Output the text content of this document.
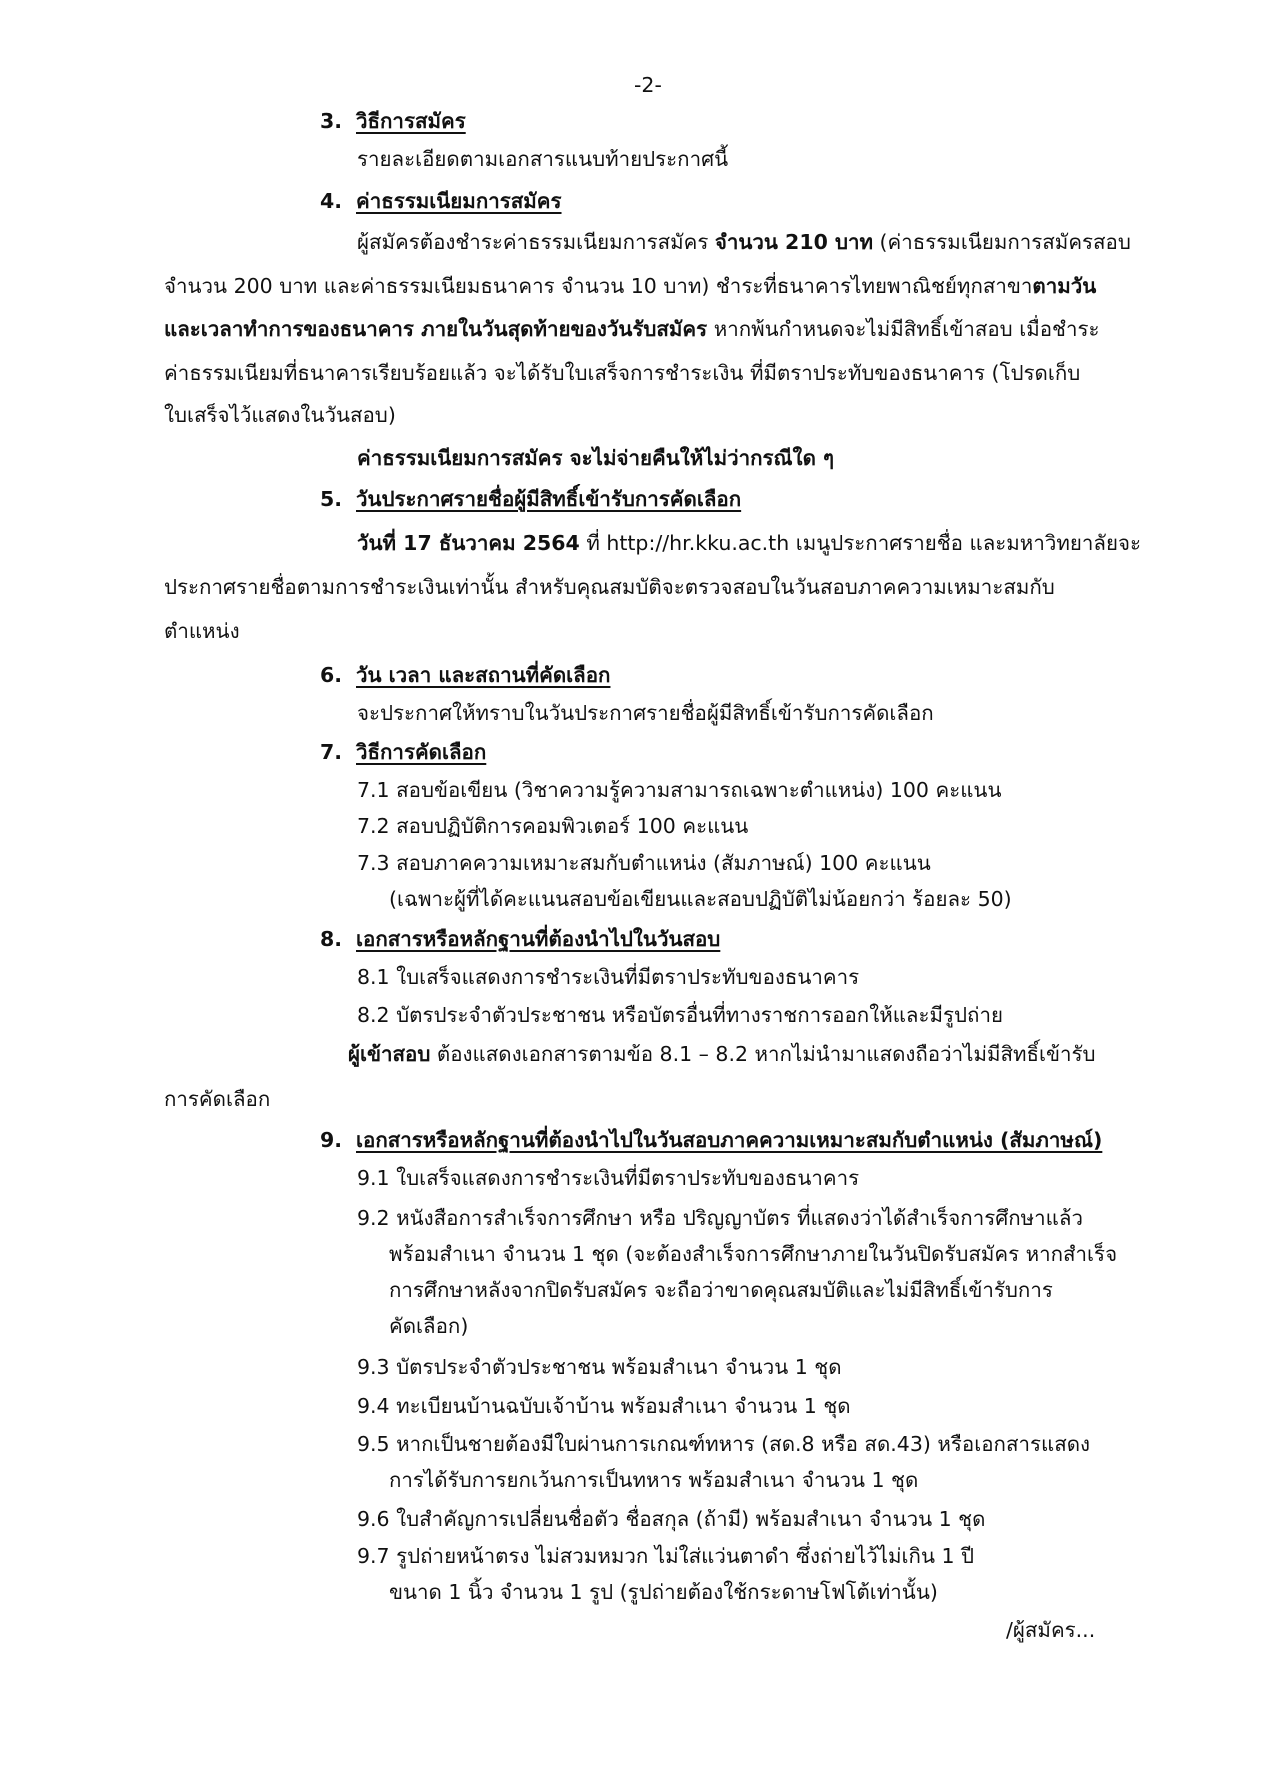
-2-
3. วิธีการสมัคร
รายละเอียดตามเอกสารแนบท้ายประกาศนี้
4. ค่าธรรมเนียมการสมัคร
ผู้สมัครต้องชำระค่าธรรมเนียมการสมัคร จำนวน 210 บาท (ค่าธรรมเนียมการสมัครสอบ
จำนวน 200 บาท และค่าธรรมเนียมธนาคาร จำนวน 10 บาท) ชำระที่ธนาคารไทยพาณิชย์ทุกสาขาตามวัน
และเวลาทำการของธนาคาร ภายในวันสุดท้ายของวันรับสมัคร หากพ้นกำหนดจะไม่มีสิทธิ์เข้าสอบ เมื่อชำระ
ค่าธรรมเนียมที่ธนาคารเรียบร้อยแล้ว จะได้รับใบเสร็จการชำระเงิน ที่มีตราประทับของธนาคาร (โปรดเก็บ
ใบเสร็จไว้แสดงในวันสอบ)
ค่าธรรมเนียมการสมัคร จะไม่จ่ายคืนให้ไม่ว่ากรณีใด ๆ
5. วันประกาศรายชื่อผู้มีสิทธิ์เข้ารับการคัดเลือก
วันที่ 17 ธันวาคม 2564 ที่ http://hr.kku.ac.th เมนูประกาศรายชื่อ และมหาวิทยาลัยจะ
ประกาศรายชื่อตามการชำระเงินเท่านั้น สำหรับคุณสมบัติจะตรวจสอบในวันสอบภาคความเหมาะสมกับ
ตำแหน่ง
6. วัน เวลา และสถานที่คัดเลือก
จะประกาศให้ทราบในวันประกาศรายชื่อผู้มีสิทธิ์เข้ารับการคัดเลือก
7. วิธีการคัดเลือก
7.1 สอบข้อเขียน (วิชาความรู้ความสามารถเฉพาะตำแหน่ง) 100 คะแนน
7.2 สอบปฏิบัติการคอมพิวเตอร์ 100 คะแนน
7.3 สอบภาคความเหมาะสมกับตำแหน่ง (สัมภาษณ์) 100 คะแนน
(เฉพาะผู้ที่ได้คะแนนสอบข้อเขียนและสอบปฏิบัติไม่น้อยกว่า ร้อยละ 50)
8. เอกสารหรือหลักฐานที่ต้องนำไปในวันสอบ
8.1 ใบเสร็จแสดงการชำระเงินที่มีตราประทับของธนาคาร
8.2 บัตรประจำตัวประชาชน หรือบัตรอื่นที่ทางราชการออกให้และมีรูปถ่าย
ผู้เข้าสอบ ต้องแสดงเอกสารตามข้อ 8.1 – 8.2 หากไม่นำมาแสดงถือว่าไม่มีสิทธิ์เข้ารับ
การคัดเลือก
9. เอกสารหรือหลักฐานที่ต้องนำไปในวันสอบภาคความเหมาะสมกับตำแหน่ง (สัมภาษณ์)
9.1 ใบเสร็จแสดงการชำระเงินที่มีตราประทับของธนาคาร
9.2 หนังสือการสำเร็จการศึกษา หรือ ปริญญาบัตร ที่แสดงว่าได้สำเร็จการศึกษาแล้ว
พร้อมสำเนา จำนวน 1 ชุด (จะต้องสำเร็จการศึกษาภายในวันปิดรับสมัคร หากสำเร็จ
การศึกษาหลังจากปิดรับสมัคร จะถือว่าขาดคุณสมบัติและไม่มีสิทธิ์เข้ารับการ
คัดเลือก)
9.3 บัตรประจำตัวประชาชน พร้อมสำเนา จำนวน 1 ชุด
9.4 ทะเบียนบ้านฉบับเจ้าบ้าน พร้อมสำเนา จำนวน 1 ชุด
9.5 หากเป็นชายต้องมีใบผ่านการเกณฑ์ทหาร (สด.8 หรือ สด.43) หรือเอกสารแสดง
การได้รับการยกเว้นการเป็นทหาร พร้อมสำเนา จำนวน 1 ชุด
9.6 ใบสำคัญการเปลี่ยนชื่อตัว ชื่อสกุล (ถ้ามี) พร้อมสำเนา จำนวน 1 ชุด
9.7 รูปถ่ายหน้าตรง ไม่สวมหมวก ไม่ใส่แว่นตาดำ ซึ่งถ่ายไว้ไม่เกิน 1 ปี
ขนาด 1 นิ้ว จำนวน 1 รูป (รูปถ่ายต้องใช้กระดาษโฟโต้เท่านั้น)
/ผู้สมัคร...
